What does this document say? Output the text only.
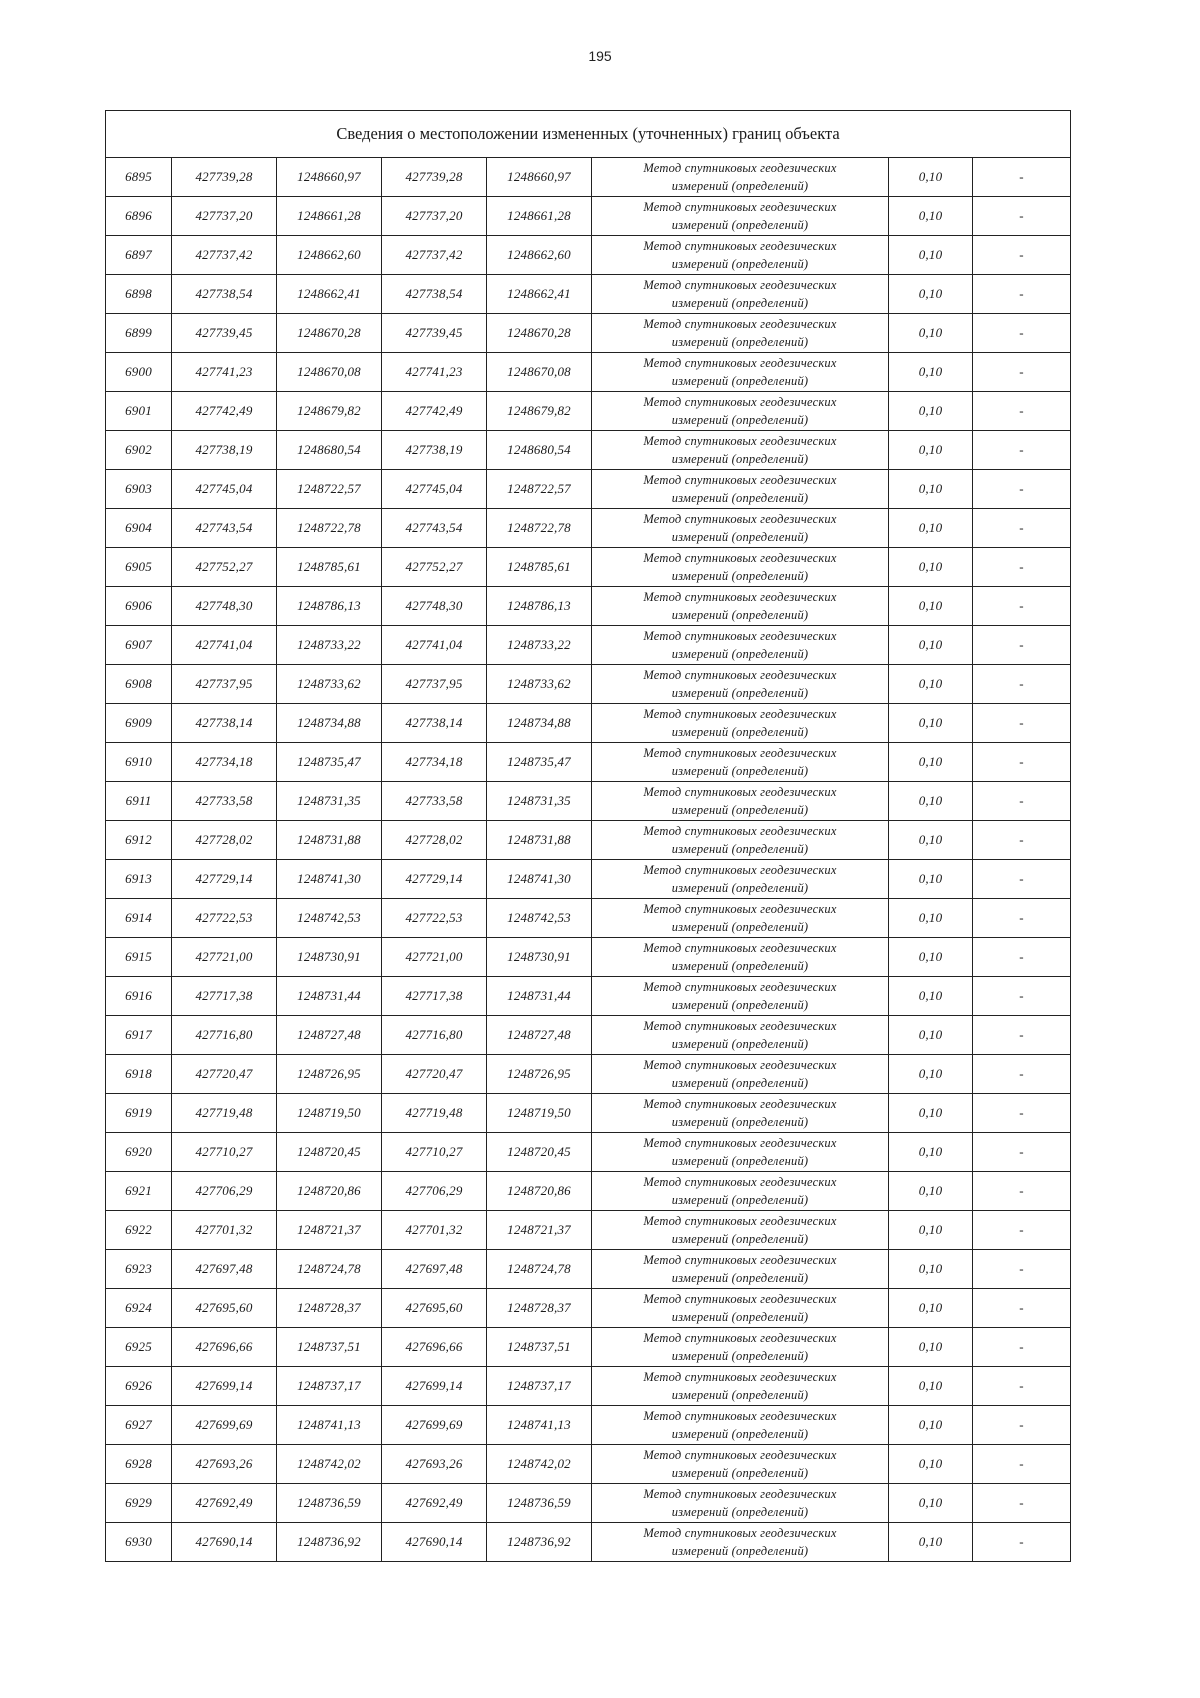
195
Сведения о местоположении измененных (уточненных) границ объекта							
6895	427739,28	1248660,97	427739,28	1248660,97	Метод спутниковых геодезических
измерений (определений)	0,10	-
6896	427737,20	1248661,28	427737,20	1248661,28	Метод спутниковых геодезических
измерений (определений)	0,10	-
6897	427737,42	1248662,60	427737,42	1248662,60	Метод спутниковых геодезических
измерений (определений)	0,10	-
6898	427738,54	1248662,41	427738,54	1248662,41	Метод спутниковых геодезических
измерений (определений)	0,10	-
6899	427739,45	1248670,28	427739,45	1248670,28	Метод спутниковых геодезических
измерений (определений)	0,10	-
6900	427741,23	1248670,08	427741,23	1248670,08	Метод спутниковых геодезических
измерений (определений)	0,10	-
6901	427742,49	1248679,82	427742,49	1248679,82	Метод спутниковых геодезических
измерений (определений)	0,10	-
6902	427738,19	1248680,54	427738,19	1248680,54	Метод спутниковых геодезических
измерений (определений)	0,10	-
6903	427745,04	1248722,57	427745,04	1248722,57	Метод спутниковых геодезических
измерений (определений)	0,10	-
6904	427743,54	1248722,78	427743,54	1248722,78	Метод спутниковых геодезических
измерений (определений)	0,10	-
6905	427752,27	1248785,61	427752,27	1248785,61	Метод спутниковых геодезических
измерений (определений)	0,10	-
6906	427748,30	1248786,13	427748,30	1248786,13	Метод спутниковых геодезических
измерений (определений)	0,10	-
6907	427741,04	1248733,22	427741,04	1248733,22	Метод спутниковых геодезических
измерений (определений)	0,10	-
6908	427737,95	1248733,62	427737,95	1248733,62	Метод спутниковых геодезических
измерений (определений)	0,10	-
6909	427738,14	1248734,88	427738,14	1248734,88	Метод спутниковых геодезических
измерений (определений)	0,10	-
6910	427734,18	1248735,47	427734,18	1248735,47	Метод спутниковых геодезических
измерений (определений)	0,10	-
6911	427733,58	1248731,35	427733,58	1248731,35	Метод спутниковых геодезических
измерений (определений)	0,10	-
6912	427728,02	1248731,88	427728,02	1248731,88	Метод спутниковых геодезических
измерений (определений)	0,10	-
6913	427729,14	1248741,30	427729,14	1248741,30	Метод спутниковых геодезических
измерений (определений)	0,10	-
6914	427722,53	1248742,53	427722,53	1248742,53	Метод спутниковых геодезических
измерений (определений)	0,10	-
6915	427721,00	1248730,91	427721,00	1248730,91	Метод спутниковых геодезических
измерений (определений)	0,10	-
6916	427717,38	1248731,44	427717,38	1248731,44	Метод спутниковых геодезических
измерений (определений)	0,10	-
6917	427716,80	1248727,48	427716,80	1248727,48	Метод спутниковых геодезических
измерений (определений)	0,10	-
6918	427720,47	1248726,95	427720,47	1248726,95	Метод спутниковых геодезических
измерений (определений)	0,10	-
6919	427719,48	1248719,50	427719,48	1248719,50	Метод спутниковых геодезических
измерений (определений)	0,10	-
6920	427710,27	1248720,45	427710,27	1248720,45	Метод спутниковых геодезических
измерений (определений)	0,10	-
6921	427706,29	1248720,86	427706,29	1248720,86	Метод спутниковых геодезических
измерений (определений)	0,10	-
6922	427701,32	1248721,37	427701,32	1248721,37	Метод спутниковых геодезических
измерений (определений)	0,10	-
6923	427697,48	1248724,78	427697,48	1248724,78	Метод спутниковых геодезических
измерений (определений)	0,10	-
6924	427695,60	1248728,37	427695,60	1248728,37	Метод спутниковых геодезических
измерений (определений)	0,10	-
6925	427696,66	1248737,51	427696,66	1248737,51	Метод спутниковых геодезических
измерений (определений)	0,10	-
6926	427699,14	1248737,17	427699,14	1248737,17	Метод спутниковых геодезических
измерений (определений)	0,10	-
6927	427699,69	1248741,13	427699,69	1248741,13	Метод спутниковых геодезических
измерений (определений)	0,10	-
6928	427693,26	1248742,02	427693,26	1248742,02	Метод спутниковых геодезических
измерений (определений)	0,10	-
6929	427692,49	1248736,59	427692,49	1248736,59	Метод спутниковых геодезических
измерений (определений)	0,10	-
6930	427690,14	1248736,92	427690,14	1248736,92	Метод спутниковых геодезических
измерений (определений)	0,10	-
